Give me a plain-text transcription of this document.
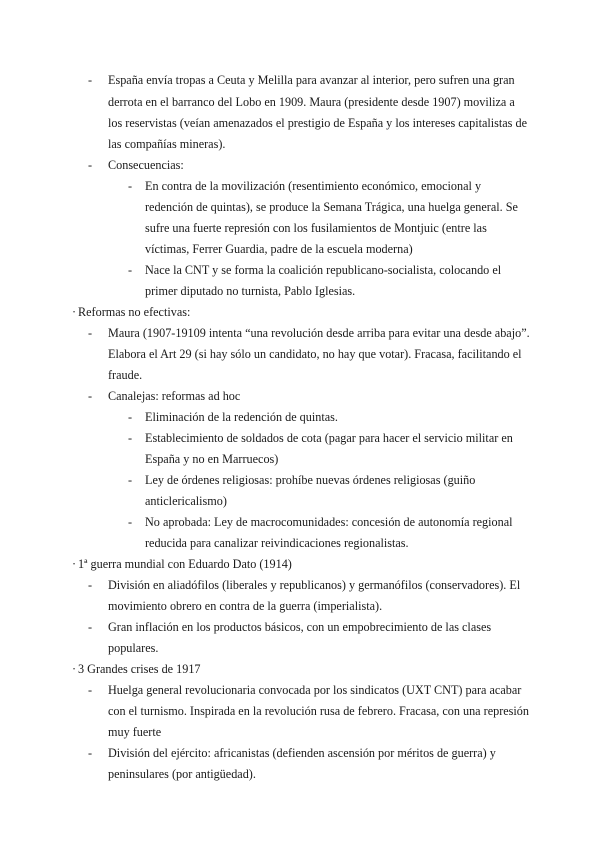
- España envía tropas a Ceuta y Melilla para avanzar al interior, pero sufren una gran
derrota en el barranco del Lobo en 1909. Maura (presidente desde 1907) moviliza a
los reservistas (veían amenazados el prestigio de España y los intereses capitalistas de
las compañías mineras).
- Consecuencias:
- En contra de la movilización (resentimiento económico, emocional y
redención de quintas), se produce la Semana Trágica, una huelga general. Se
sufre una fuerte represión con los fusilamientos de Montjuic (entre las
víctimas, Ferrer Guardia, padre de la escuela moderna)
- Nace la CNT y se forma la coalición republicano-socialista, colocando el
primer diputado no turnista, Pablo Iglesias.
· Reformas no efectivas:
- Maura (1907-19109 intenta “una revolución desde arriba para evitar una desde abajo”.
Elabora el Art 29 (si hay sólo un candidato, no hay que votar). Fracasa, facilitando el
fraude.
- Canalejas: reformas ad hoc
- Eliminación de la redención de quintas.
- Establecimiento de soldados de cota (pagar para hacer el servicio militar en
España y no en Marruecos)
- Ley de órdenes religiosas: prohíbe nuevas órdenes religiosas (guiño
anticlericalismo)
- No aprobada: Ley de macrocomunidades: concesión de autonomía regional
reducida para canalizar reivindicaciones regionalistas.
· 1ª guerra mundial con Eduardo Dato (1914)
- División en aliadófilos (liberales y republicanos) y germanófilos (conservadores). El
movimiento obrero en contra de la guerra (imperialista).
- Gran inflación en los productos básicos, con un empobrecimiento de las clases
populares.
· 3 Grandes crises de 1917
- Huelga general revolucionaria convocada por los sindicatos (UXT CNT) para acabar
con el turnismo. Inspirada en la revolución rusa de febrero. Fracasa, con una represión
muy fuerte
- División del ejército: africanistas (defienden ascensión por méritos de guerra) y
peninsulares (por antigüedad).
